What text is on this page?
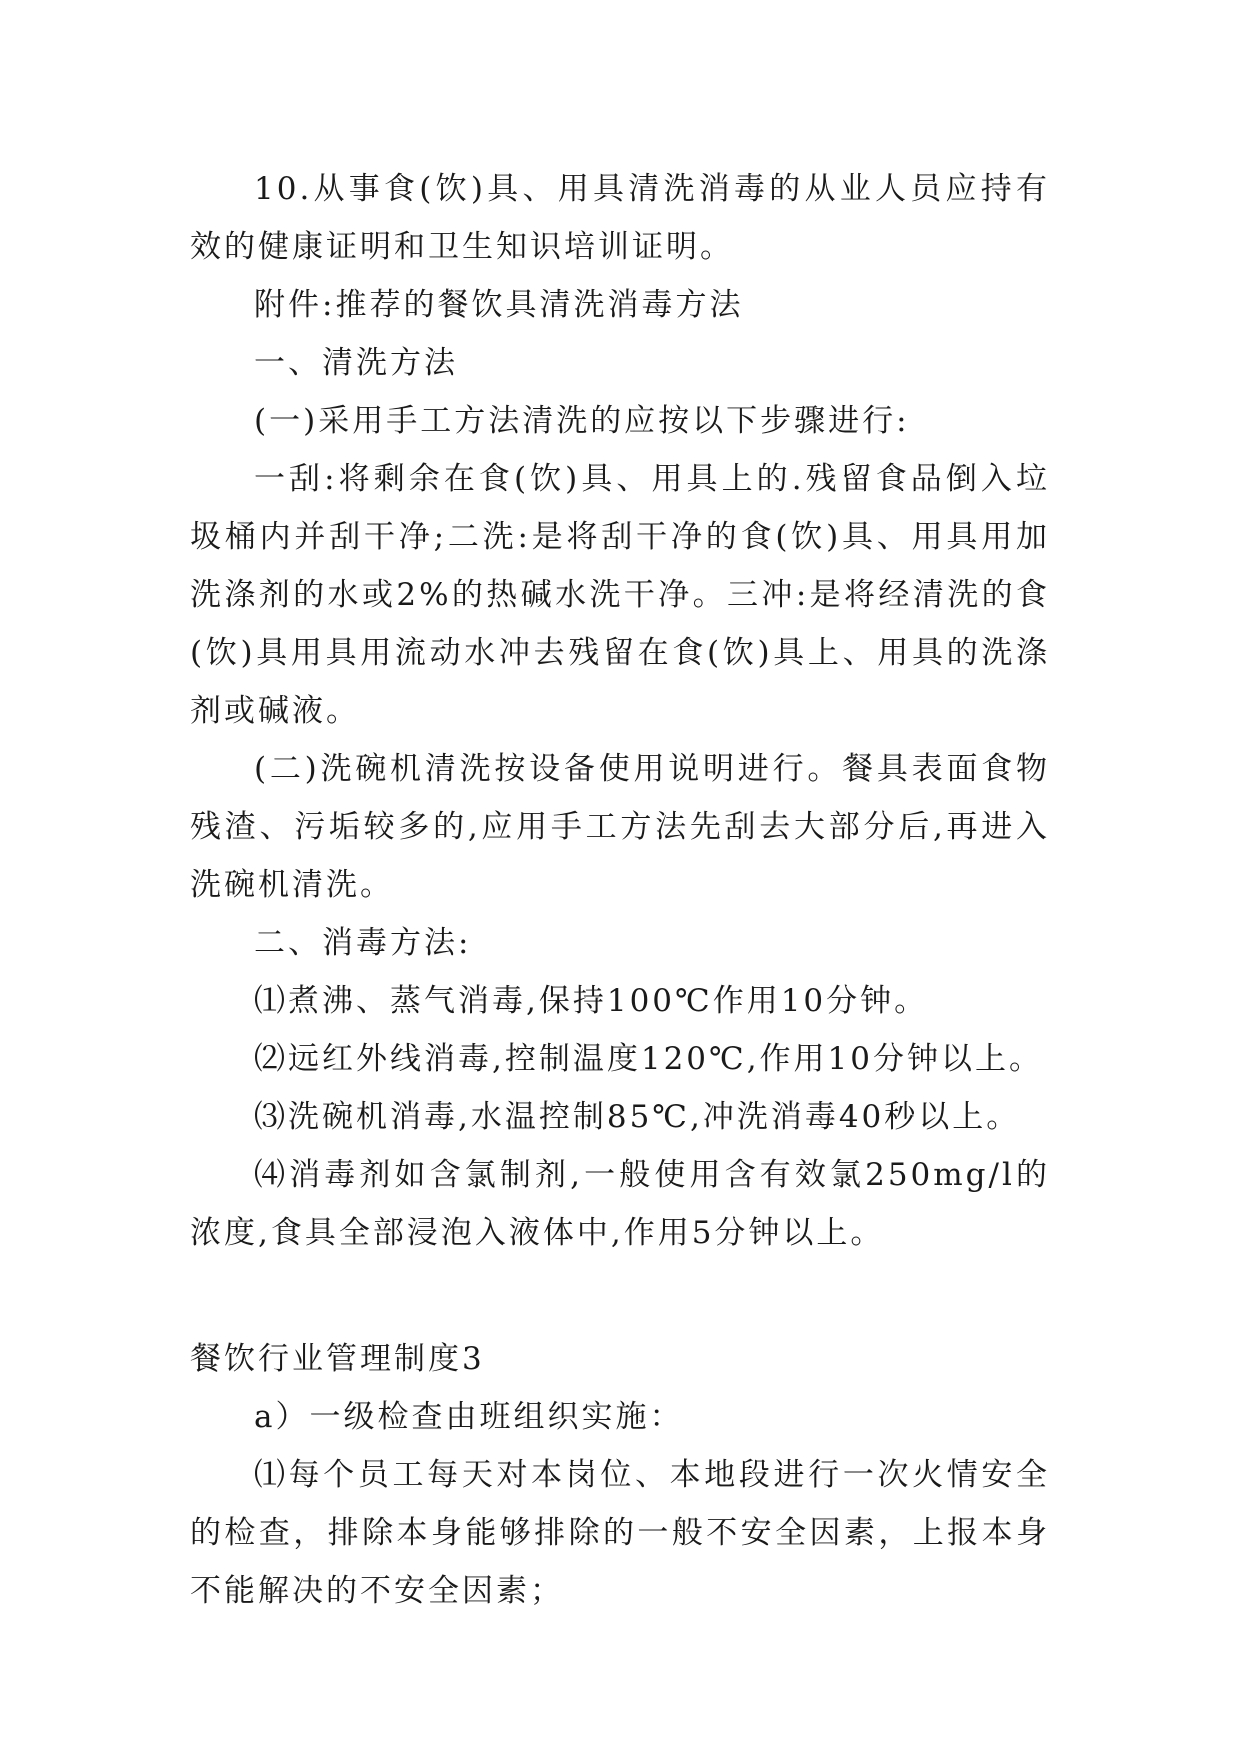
10.从事食(饮)具、用具清洗消毒的从业人员应持有效的健康证明和卫生知识培训证明。

附件:推荐的餐饮具清洗消毒方法

一、清洗方法

(一)采用手工方法清洗的应按以下步骤进行:

一刮:将剩余在食(饮)具、用具上的.残留食品倒入垃圾桶内并刮干净;二洗:是将刮干净的食(饮)具、用具用加洗涤剂的水或2%的热碱水洗干净。三冲:是将经清洗的食(饮)具用具用流动水冲去残留在食(饮)具上、用具的洗涤剂或碱液。

(二)洗碗机清洗按设备使用说明进行。餐具表面食物残渣、污垢较多的,应用手工方法先刮去大部分后,再进入洗碗机清洗。

二、消毒方法:

⑴煮沸、蒸气消毒,保持100℃作用10分钟。

⑵远红外线消毒,控制温度120℃,作用10分钟以上。

⑶洗碗机消毒,水温控制85℃,冲洗消毒40秒以上。

⑷消毒剂如含氯制剂,一般使用含有效氯250mg/l的浓度,食具全部浸泡入液体中,作用5分钟以上。

餐饮行业管理制度3

a）一级检查由班组织实施：

⑴每个员工每天对本岗位、本地段进行一次火情安全的检查，排除本身能够排除的一般不安全因素，上报本身不能解决的不安全因素；
